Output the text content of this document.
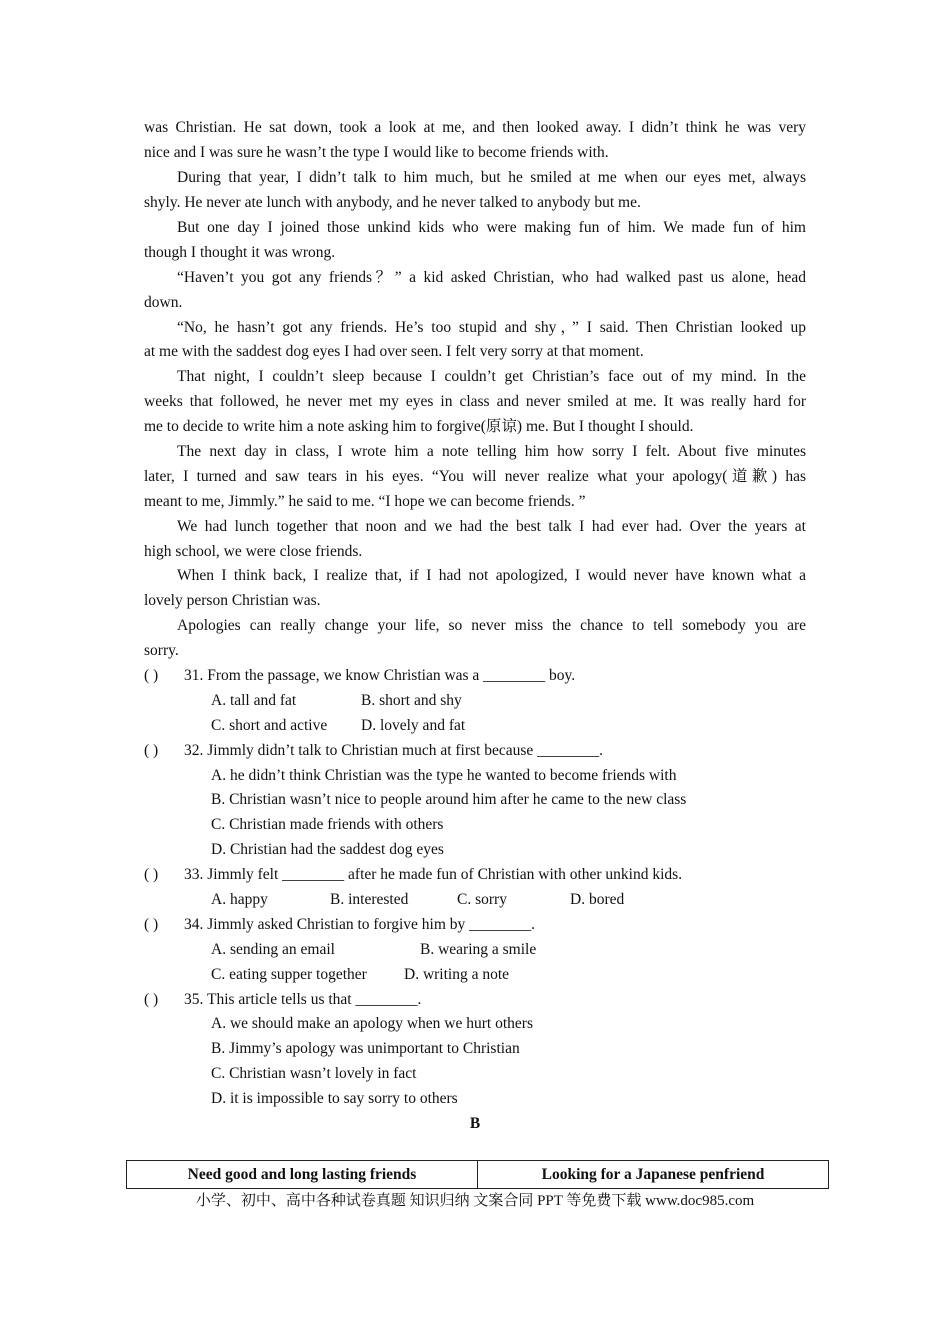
was Christian. He sat down, took a look at me, and then looked away. I didn’t think he was very
nice and I was sure he wasn’t the type I would like to become friends with.
During that year, I didn’t talk to him much, but he smiled at me when our eyes met, always
shyly. He never ate lunch with anybody, and he never talked to anybody but me.
But one day I joined those unkind kids who were making fun of him. We made fun of him
though I thought it was wrong.
“Haven’t you got any friends？” a kid asked Christian, who had walked past us alone, head
down.
“No, he hasn’t got any friends. He’s too stupid and shy，” I said. Then Christian looked up
at me with the saddest dog eyes I had over seen. I felt very sorry at that moment.
That night, I couldn’t sleep because I couldn’t get Christian’s face out of my mind. In the
weeks that followed, he never met my eyes in class and never smiled at me. It was really hard for
me to decide to write him a note asking him to forgive(原谅) me. But I thought I should.
The next day in class, I wrote him a note telling him how sorry I felt. About five minutes
later, I turned and saw tears in his eyes. “You will never realize what your apology(道歉) has
meant to me, Jimmly.” he said to me. “I hope we can become friends. ”
We had lunch together that noon and we had the best talk I had ever had. Over the years at
high school, we were close friends.
When I think back, I realize that, if I had not apologized, I would never have known what a
lovely person Christian was.
Apologies can really change your life, so never miss the chance to tell somebody you are
sorry.
( ) 31. From the passage, we know Christian was a ________ boy.
A. tall and fat	B. short and shy
C. short and active D. lovely and fat
( ) 32. Jimmly didn’t talk to Christian much at first because ________.
A. he didn’t think Christian was the type he wanted to become friends with
B. Christian wasn’t nice to people around him after he came to the new class
C. Christian made friends with others
D. Christian had the saddest dog eyes
( ) 33. Jimmly felt ________ after he made fun of Christian with other unkind kids.
A. happy	B. interested	C. sorry	D. bored
( ) 34. Jimmly asked Christian to forgive him by ________.
A. sending an email	B. wearing a smile
C. eating supper together D. writing a note
( ) 35. This article tells us that ________.
A. we should make an apology when we hurt others
B. Jimmy’s apology was unimportant to Christian
C. Christian wasn’t lovely in fact
D. it is impossible to say sorry to others
B
Need good and long lasting friends	Looking for a Japanese penfriend
小学、初中、高中各种试卷真题 知识归纳 文案合同 PPT 等免费下载 www.doc985.com
